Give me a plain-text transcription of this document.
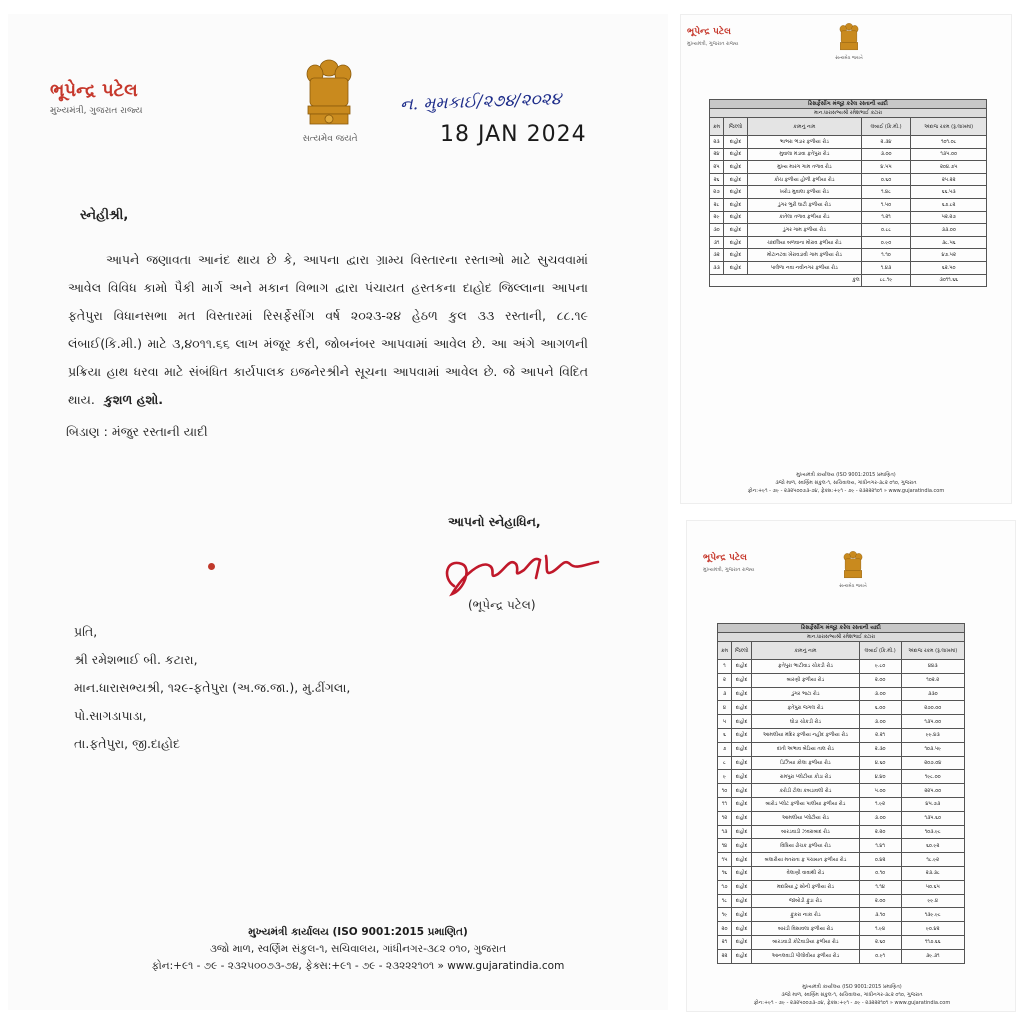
ભૂપેન્દ્ર પટેલ
મુખ્યમંત્રી, ગુજરાત રાજ્ય
સત્યમેવ જયતે
ન. મુમકાઈ/૨૭૪/૨૦૨૪
18 JAN 2024
સ્નેહીશ્રી,
આપને જણાવતા આનંદ થાય છે કે, આપના દ્વારા ગ્રામ્ય વિસ્તારના રસ્તાઓ માટે સુચવવામાં આવેલ વિવિધ કામો પૈકી માર્ગ અને મકાન વિભાગ દ્વારા પંચાયત હસ્તકના દાહોદ જિલ્લાના આપના ફતેપુરા વિધાનસભા મત વિસ્તારમાં રિસર્ફેસીંગ વર્ષ ૨૦૨૩-૨૪ હેઠળ કુલ ૩૩ રસ્તાની, ૮૮.૧૯ લંબાઈ(કિ.મી.) માટે ૩,૪૦૧૧.૬૬ લાખ મંજૂર કરી, જોબનંબર આપવામાં આવેલ છે. આ અંગે આગળની પ્રક્રિયા હાથ ધરવા માટે સંબંધિત કાર્યપાલક ઇજનેરશ્રીને સૂચના આપવામાં આવેલ છે. જે આપને વિદિત થાય. કુશળ હશો.
બિડાણ : મંજુર રસ્તાની યાદી
આપનો સ્નેહાધિન,
(ભૂપેન્દ્ર પટેલ)
પ્રતિ,
શ્રી રમેશભાઈ બી. કટારા,
માન.ધારાસભ્યશ્રી, ૧૨૯-ફતેપુરા (અ.જ.જા.), મુ.ઢીંગલા,
પો.સાગડાપાડા,
તા.ફતેપુરા, જી.દાહોદ
મુખ્યમંત્રી કાર્યાલય (ISO 9001:2015 પ્રમાણિત)
૩જો માળ, સ્વર્ણિમ સંકુલ-૧, સચિવાલય, ગાંધીનગર-૩૮૨ ૦૧૦, ગુજરાત
ફોન:+૯૧ - ૭૯ - ૨૩૨૫૦૦૭૩-૭૪, ફેક્સ:+૯૧ - ૭૯ - ૨૩૨૨૨૧૦૧ » www.gujaratindia.com
ભૂપેન્દ્ર પટેલ
મુખ્યમંત્રી, ગુજરાત રાજ્ય
સત્યમેવ જયતે
રિસર્ફેસીંગ મંજૂર કરેલ રસ્તાની યાદી				
માન.ધારાસભ્યશ્રી રમેશભાઈ કટારા				
ક્રમ	જિલ્લો	કામનું નામ	લંબાઈ (કિ.મી.)	અંદાજ રકમ (રૂ.લાખમાં)
૨૩	દાહોદ	ભાભરા ભંડાર ફળીયા રોડ	૨.૩૪	૧૦૧.૦૮
૨૪	દાહોદ	મુવાલા મંડાવા ફતેપુરા રોડ	૩.૦૦	૧૩૫.૦૦
૨૫	દાહોદ	મુખ્ય મારગ ગામ તળાવ રોડ	૪.૫૫	૨૦૪.૭૫
૨૬	દાહોદ	કોચ ફળીયા હોળી ફળીયા રોડ	૦.૬૦	૨૫.૨૨
૨૭	દાહોદ	ખરોડ મુવાલા ફળીયા રોડ	૧.૪૮	૬૬.૫૩
૨૮	દાહોદ	ડુંગર ભુરી ઘાટી ફળીયા રોડ	૧.૫૦	૬૭.૮૨
૨૯	દાહોદ	કાતેલા તળાવ ફળીયા રોડ	૧.૨૧	૫૨.૨૭
૩૦	દાહોદ	ડુંગર ગામ ફળીયા રોડ	૦.૮૮	૩૩.૦૦
૩૧	દાહોદ	ચાંદલિયા બળવાના મોરાવ ફળીયા રોડ	૦.૯૦	૩૮.૫૬
૩૨	દાહોદ	મોટાનટવા ખેરાવડાવી ગામ ફળીયા રોડ	૧.૧૦	૪૭.૫૨
૩૩	દાહોદ	પાલેળા નવા નવીનગર ફળીયા રોડ	૧.૪૩	૬૨.૫૦
કુલ			૮૮.૧૯	૩૦૧૧.૬૬
મુખ્યમંત્રી કાર્યાલય (ISO 9001:2015 પ્રમાણિત)
૩જો માળ, સ્વર્ણિમ સંકુલ-૧, સચિવાલય, ગાંધીનગર-૩૮૨ ૦૧૦, ગુજરાત
ફોન:+૯૧ - ૭૯ - ૨૩૨૫૦૦૭૩-૭૪, ફેક્સ:+૯૧ - ૭૯ - ૨૩૨૨૨૧૦૧ » www.gujaratindia.com
ભૂપેન્દ્ર પટેલ
મુખ્યમંત્રી, ગુજરાત રાજ્ય
સત્યમેવ જયતે
રિસર્ફેસીંગ મંજૂર કરેલ રસ્તાની યાદી				
માન.ધારાસભ્યશ્રી રમેશભાઈ કટારા				
ક્રમ	જિલ્લો	કામનું નામ	લંબાઈ (કિ.મી.)	અંદાજ રકમ (રૂ.લાખમાં)
૧	દાહોદ	ફતેપુરા ભાટીવાડ ચોકડી રોડ	૯.૮૦	૪૪૩
૨	દાહોદ	બારણી ફળીયા રોડ	૨.૦૦	૧૦૨.૨
૩	દાહોદ	ડુંગર ભાટા રોડ	૩.૦૦	૩૩૦
૪	દાહોદ	ફતેપુરા જગલ રોડ	૬.૦૦	૨૭૦.૦૦
૫	દાહોદ	ઘોડા ચોકડી રોડ	૩.૦૦	૧૩૫.૦૦
૬	દાહોદ	આમલીયા મંદિર ફળીયા નહીદ ફળીયા રોડ	૨.૨૧	૯૯.૪૩
૭	દાહોદ	દાંતી અભાવ બેડિયા તાલ રોડ	૨.૩૦	૧૦૩.૫૯
૮	દાહોદ	ડિઝિયા કોલા ફળીયા રોડ	૪.૬૦	૨૦૭.૦૪
૯	દાહોદ	રામપુરા પ્લોટીયા કોડા રોડ	૪.૪૦	૧૯૮.૦૦
૧૦	દાહોદ	કરોડી ટોલા કબડાવલી રોડ	૫.૦૦	૨૨૫.૦૦
૧૧	દાહોદ	બારોડ પ્લોટ ફળીયા પાલીયા ફળીયા રોડ	૧.૯૨	૪૫.૭૩
૧૨	દાહોદ	આમલીયા પ્લોટીયા રોડ	૩.૦૦	૧૩૫.૬૦
૧૩	દાહોદ	બારડવાડી ઝવરાબાદ રોડ	૨.૨૦	૧૦૩.૯૮
૧૪	દાહોદ	વિધિયા ઢોચક ફળીયા રોડ	૧.૪૧	૬૦.૯૨
૧૫	દાહોદ	બલારીયા મતરાતા ફ પંચાયત ફળીયા રોડ	૦.૪૨	૧૮.૯૨
૧૬	દાહોદ	વેલાણી વાવાથી રોડ	૦.૧૦	૨૩.૩૮
૧૭	દાહોદ	મદારિયા ટુ સોની ફળીયા રોડ	૧.૧૪	૫૦.૬૫
૧૮	દાહોદ	જાંબોડી ફુંડા રોડ	૨.૦૦	૯૯.૪
૧૯	દાહોદ	ફુંકરા નાકા રોડ	૩.૧૦	૧૩૯.૯૮
૨૦	દાહોદ	બારડી વિસાવલા ફળીયા રોડ	૧.૯૪	૯૦.૪૨
૨૧	દાહોદ	બારડવાડી કોટેવાડીયા ફળીયા રોડ	૨.૬૦	૧૧૭.૬૬
૨૨	દાહોદ	આનલવાડી પીલોવીયા ફળીયા રોડ	૦.૯૧	૩૯.૩૧
મુખ્યમંત્રી કાર્યાલય (ISO 9001:2015 પ્રમાણિત)
૩જો માળ, સ્વર્ણિમ સંકુલ-૧, સચિવાલય, ગાંધીનગર-૩૮૨ ૦૧૦, ગુજરાત
ફોન:+૯૧ - ૭૯ - ૨૩૨૫૦૦૭૩-૭૪, ફેક્સ:+૯૧ - ૭૯ - ૨૩૨૨૨૧૦૧ » www.gujaratindia.com
